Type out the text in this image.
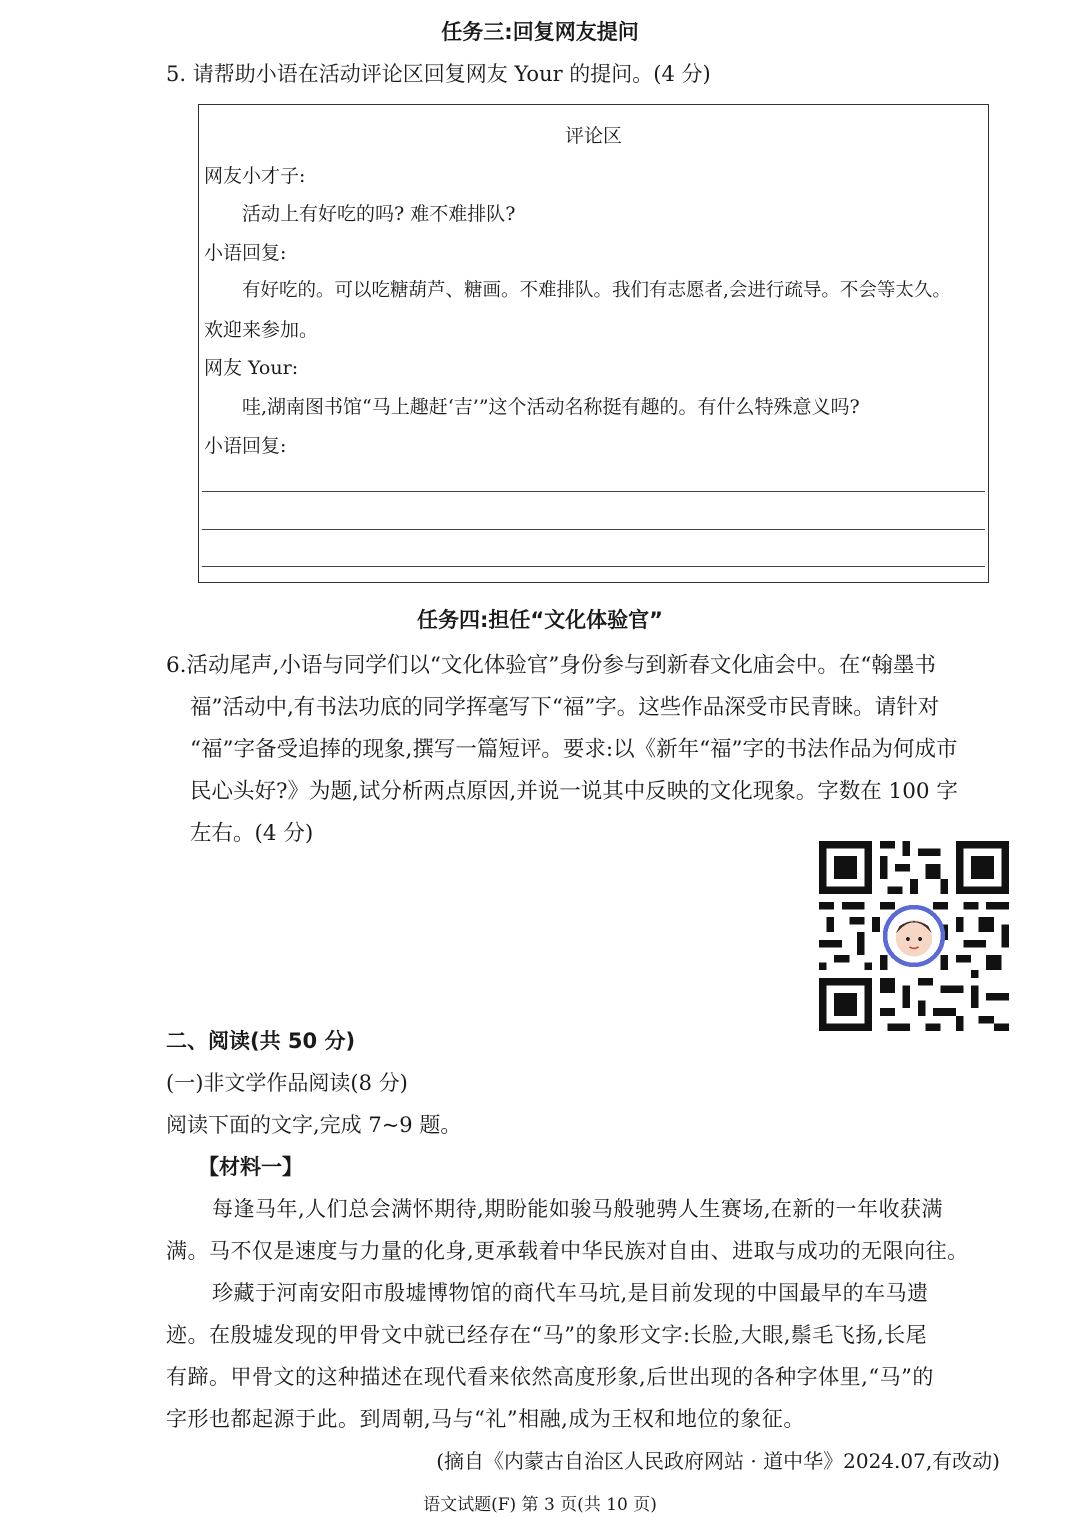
任务三:回复网友提问
5. 请帮助小语在活动评论区回复网友 Your 的提问。(4 分)
评论区
网友小才子:
活动上有好吃的吗? 难不难排队?
小语回复:
有好吃的。可以吃糖葫芦、糖画。不难排队。我们有志愿者,会进行疏导。不会等太久。
欢迎来参加。
网友 Your:
哇,湖南图书馆“马上趣赶‘吉’”这个活动名称挺有趣的。有什么特殊意义吗?
小语回复:
任务四:担任“文化体验官”
6.活动尾声,小语与同学们以“文化体验官”身份参与到新春文化庙会中。在“翰墨书
福”活动中,有书法功底的同学挥毫写下“福”字。这些作品深受市民青睐。请针对
“福”字备受追捧的现象,撰写一篇短评。要求:以《新年“福”字的书法作品为何成市
民心头好?》为题,试分析两点原因,并说一说其中反映的文化现象。字数在 100 字
左右。(4 分)
二、阅读(共 50 分)
(一)非文学作品阅读(8 分)
阅读下面的文字,完成 7~9 题。
【材料一】
每逢马年,人们总会满怀期待,期盼能如骏马般驰骋人生赛场,在新的一年收获满
满。马不仅是速度与力量的化身,更承载着中华民族对自由、进取与成功的无限向往。
珍藏于河南安阳市殷墟博物馆的商代车马坑,是目前发现的中国最早的车马遗
迹。在殷墟发现的甲骨文中就已经存在“马”的象形文字:长脸,大眼,鬃毛飞扬,长尾
有蹄。甲骨文的这种描述在现代看来依然高度形象,后世出现的各种字体里,“马”的
字形也都起源于此。到周朝,马与“礼”相融,成为王权和地位的象征。
(摘自《内蒙古自治区人民政府网站 · 道中华》2024.07,有改动)
语文试题(F) 第 3 页(共 10 页)
